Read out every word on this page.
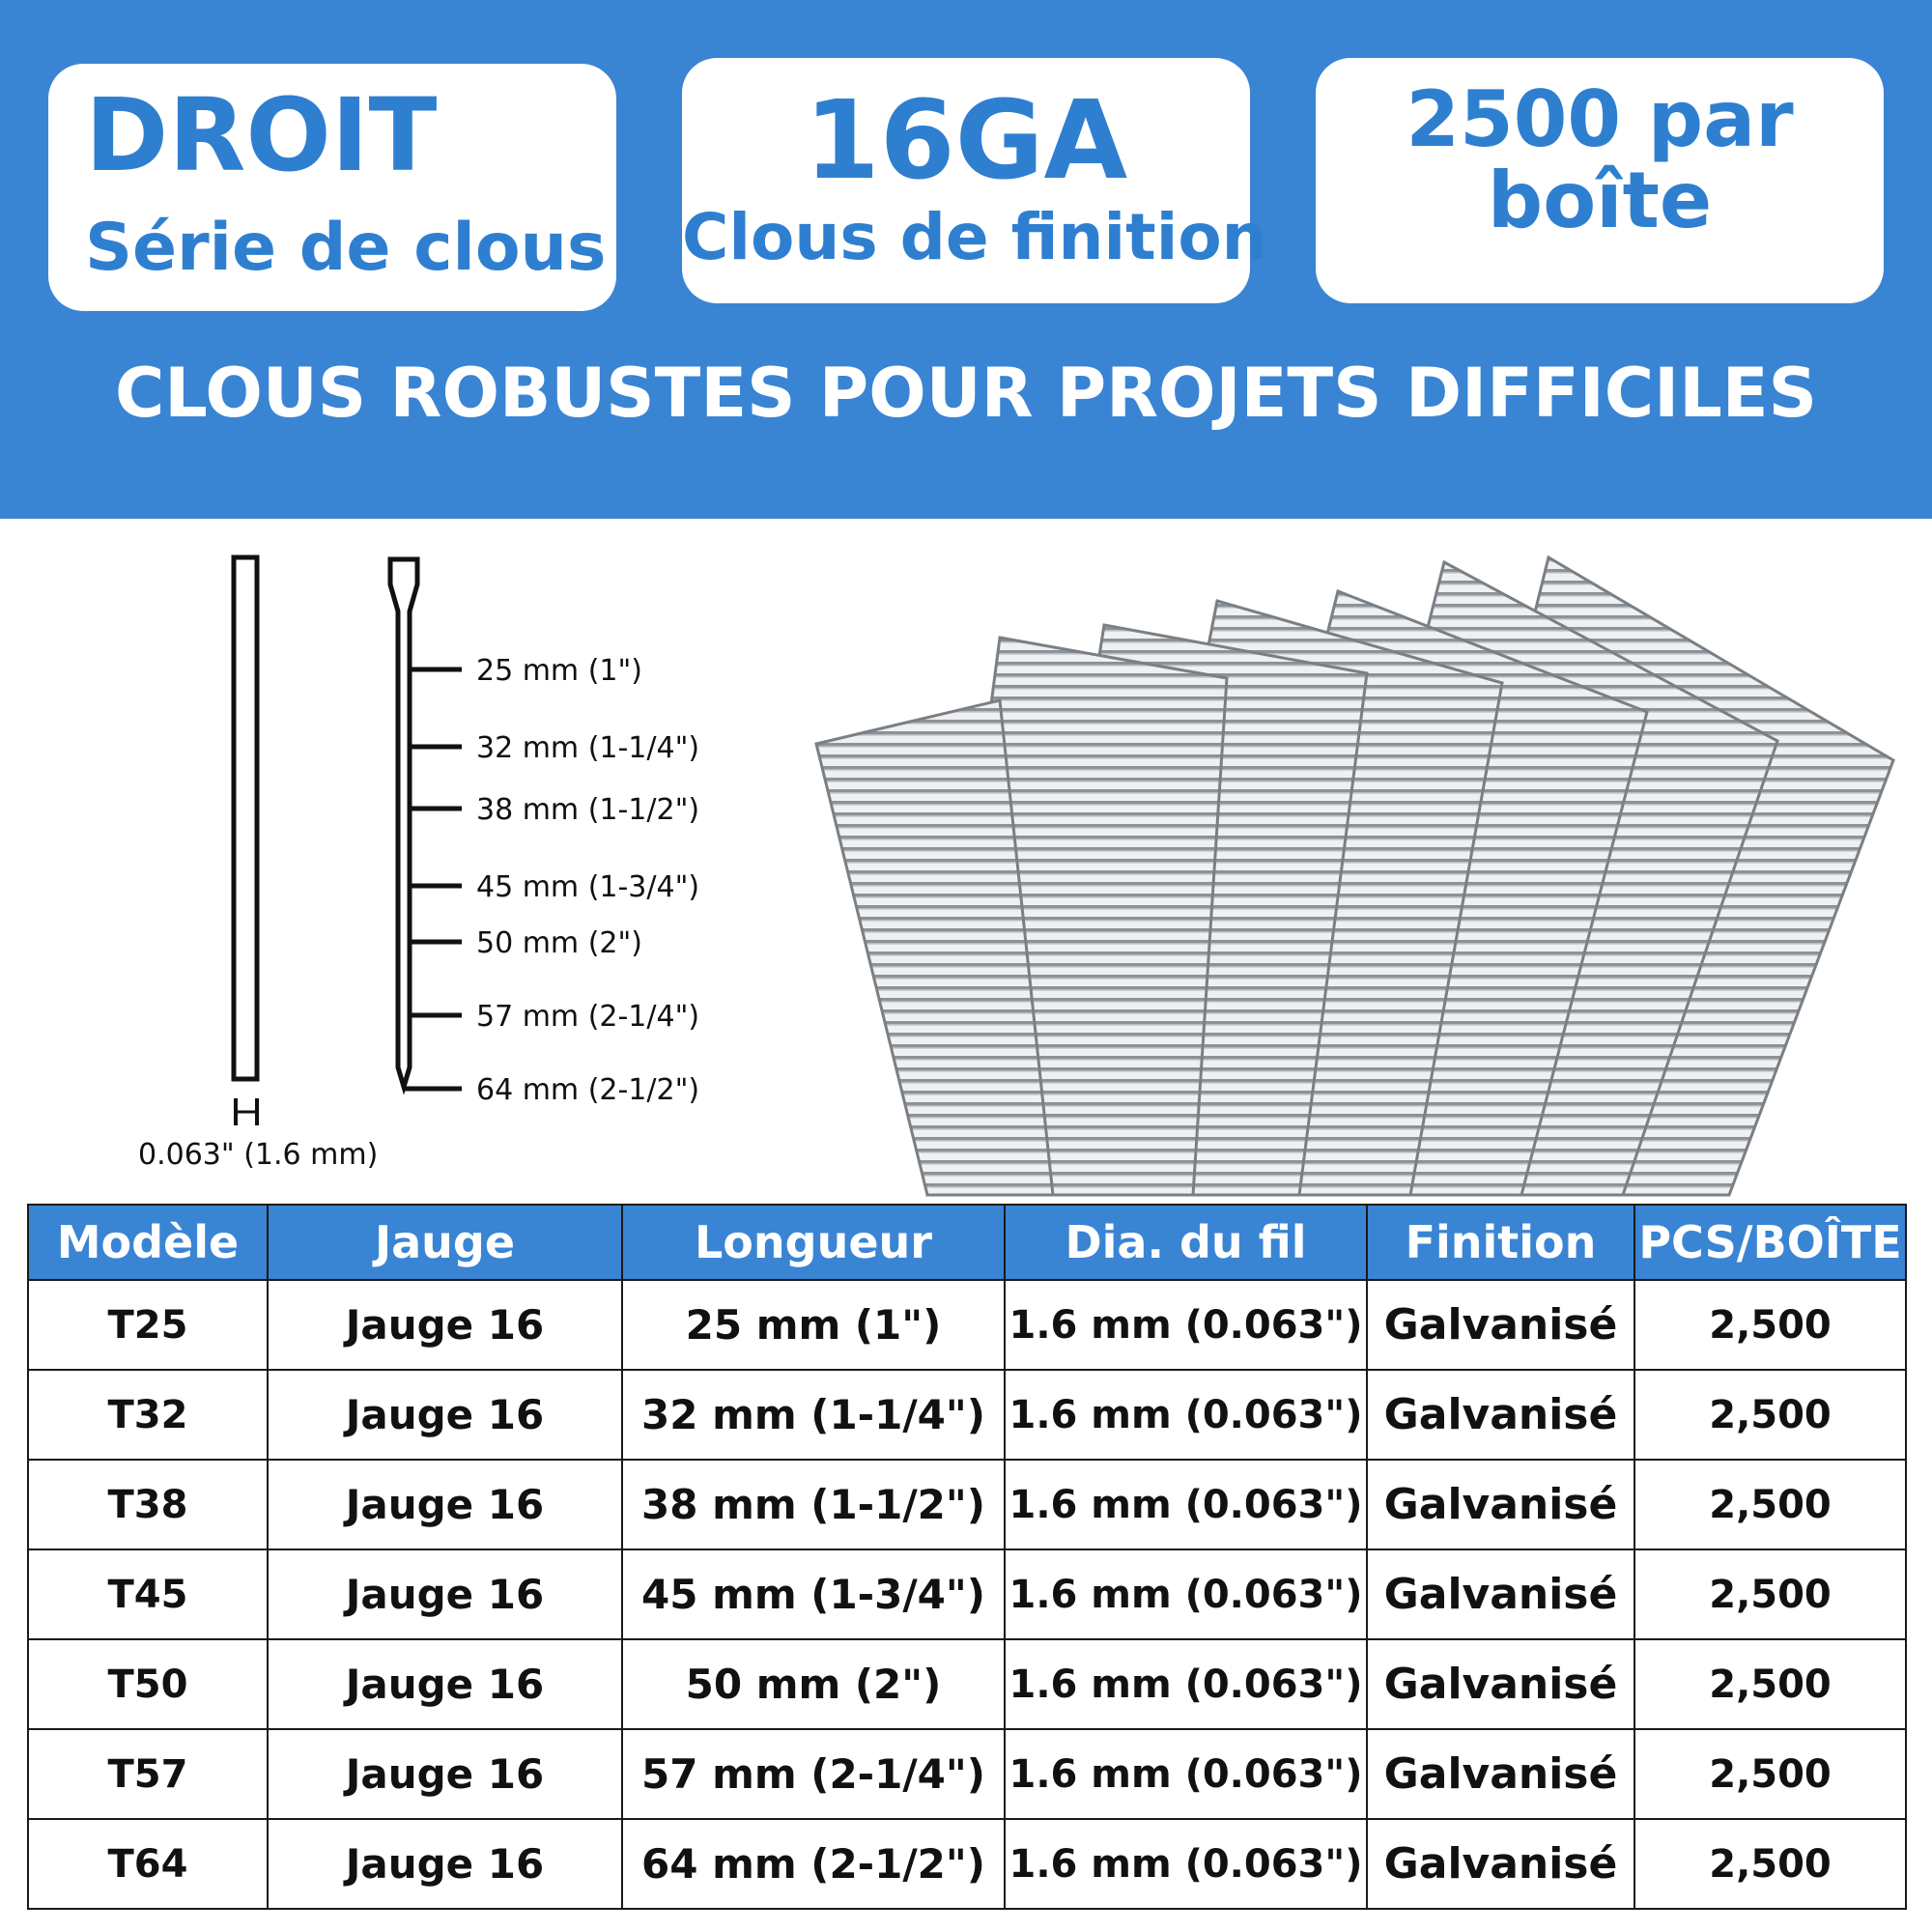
DROIT
Série de clous
16GA
Clous de finition
2500 par
boîte
CLOUS ROBUSTES POUR PROJETS DIFFICILES
0.063" (1.6 mm)
25 mm (1")
32 mm (1-1/4")
38 mm (1-1/2")
45 mm (1-3/4")
50 mm (2")
57 mm (2-1/4")
64 mm (2-1/2")
Modèle	Jauge	Longueur	Dia. du fil	Finition	PCS/BOÎTE
T25	Jauge 16	25 mm (1")	1.6 mm (0.063")	Galvanisé	2,500
T32	Jauge 16	32 mm (1-1/4")	1.6 mm (0.063")	Galvanisé	2,500
T38	Jauge 16	38 mm (1-1/2")	1.6 mm (0.063")	Galvanisé	2,500
T45	Jauge 16	45 mm (1-3/4")	1.6 mm (0.063")	Galvanisé	2,500
T50	Jauge 16	50 mm (2")	1.6 mm (0.063")	Galvanisé	2,500
T57	Jauge 16	57 mm (2-1/4")	1.6 mm (0.063")	Galvanisé	2,500
T64	Jauge 16	64 mm (2-1/2")	1.6 mm (0.063")	Galvanisé	2,500
